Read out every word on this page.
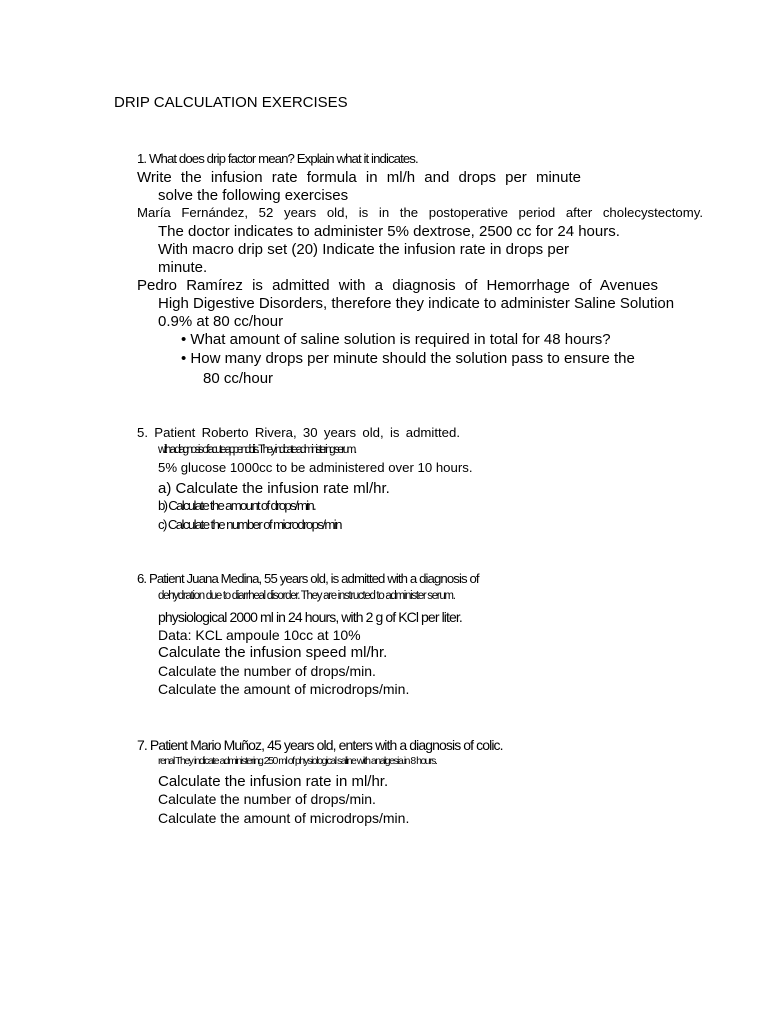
DRIP CALCULATION EXERCISES
1. What does drip factor mean? Explain what it indicates.
Write the infusion rate formula in ml/h and drops per minute
solve the following exercises
María Fernández, 52 years old, is in the postoperative period after cholecystectomy.
The doctor indicates to administer 5% dextrose, 2500 cc for 24 hours.
With macro drip set (20) Indicate the infusion rate in drops per
minute.
Pedro Ramírez is admitted with a diagnosis of Hemorrhage of Avenues
High Digestive Disorders, therefore they indicate to administer Saline Solution
0.9% at 80 cc/hour
• What amount of saline solution is required in total for 48 hours?
• How many drops per minute should the solution pass to ensure the
80 cc/hour
5. Patient Roberto Rivera, 30 years old, is admitted.
with a diagnosis of acute appendicitis. They indicate administering serum.
5% glucose 1000cc to be administered over 10 hours.
a) Calculate the infusion rate ml/hr.
b) Calculate the amount of drops/min.
c) Calculate the number of microdrops/min
6. Patient Juana Medina, 55 years old, is admitted with a diagnosis of
dehydration due to diarrheal disorder. They are instructed to administer serum.
physiological 2000 ml in 24 hours, with 2 g of KCl per liter.
Data: KCL ampoule 10cc at 10%
Calculate the infusion speed ml/hr.
Calculate the number of drops/min.
Calculate the amount of microdrops/min.
7. Patient Mario Muñoz, 45 years old, enters with a diagnosis of colic.
renal They indicate administering 250 ml of physiological saline with analgesia in 8 hours.
Calculate the infusion rate in ml/hr.
Calculate the number of drops/min.
Calculate the amount of microdrops/min.
